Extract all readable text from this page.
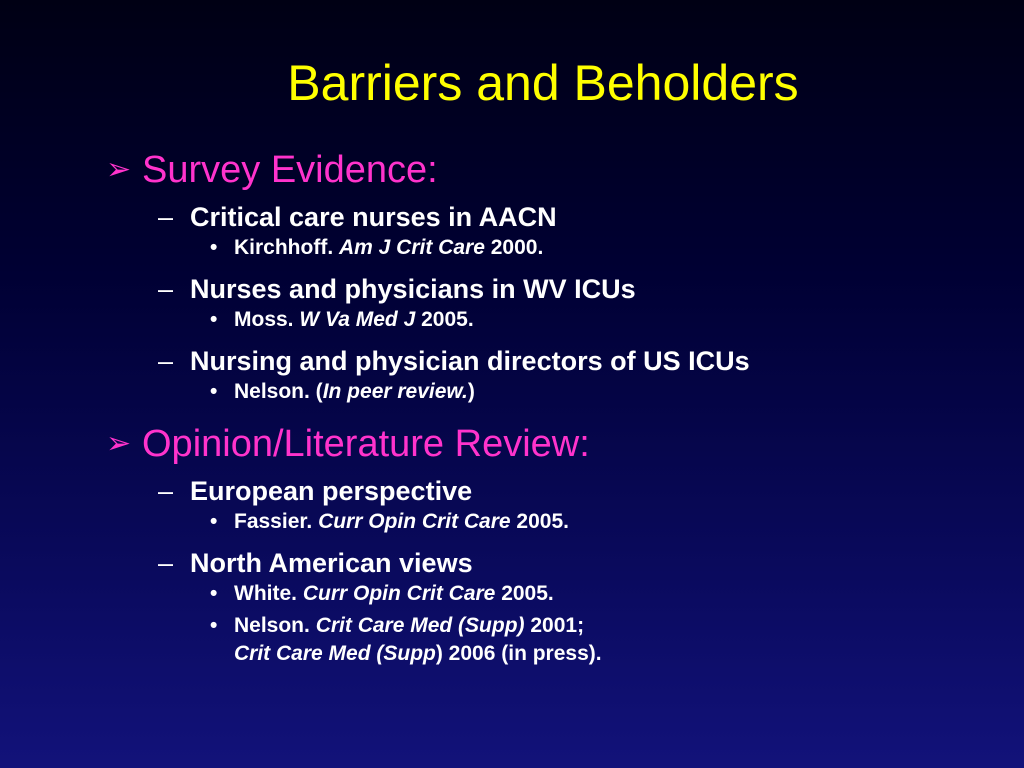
Barriers and Beholders
➢ Survey Evidence:
– Critical care nurses in AACN
• Kirchhoff. Am J Crit Care 2000.
– Nurses and physicians in WV ICUs
• Moss. W Va Med J 2005.
– Nursing and physician directors of US ICUs
• Nelson. (In peer review.)
➢ Opinion/Literature Review:
– European perspective
• Fassier. Curr Opin Crit Care 2005.
– North American views
• White. Curr Opin Crit Care 2005.
• Nelson. Crit Care Med (Supp) 2001;
Crit Care Med (Supp) 2006 (in press).
